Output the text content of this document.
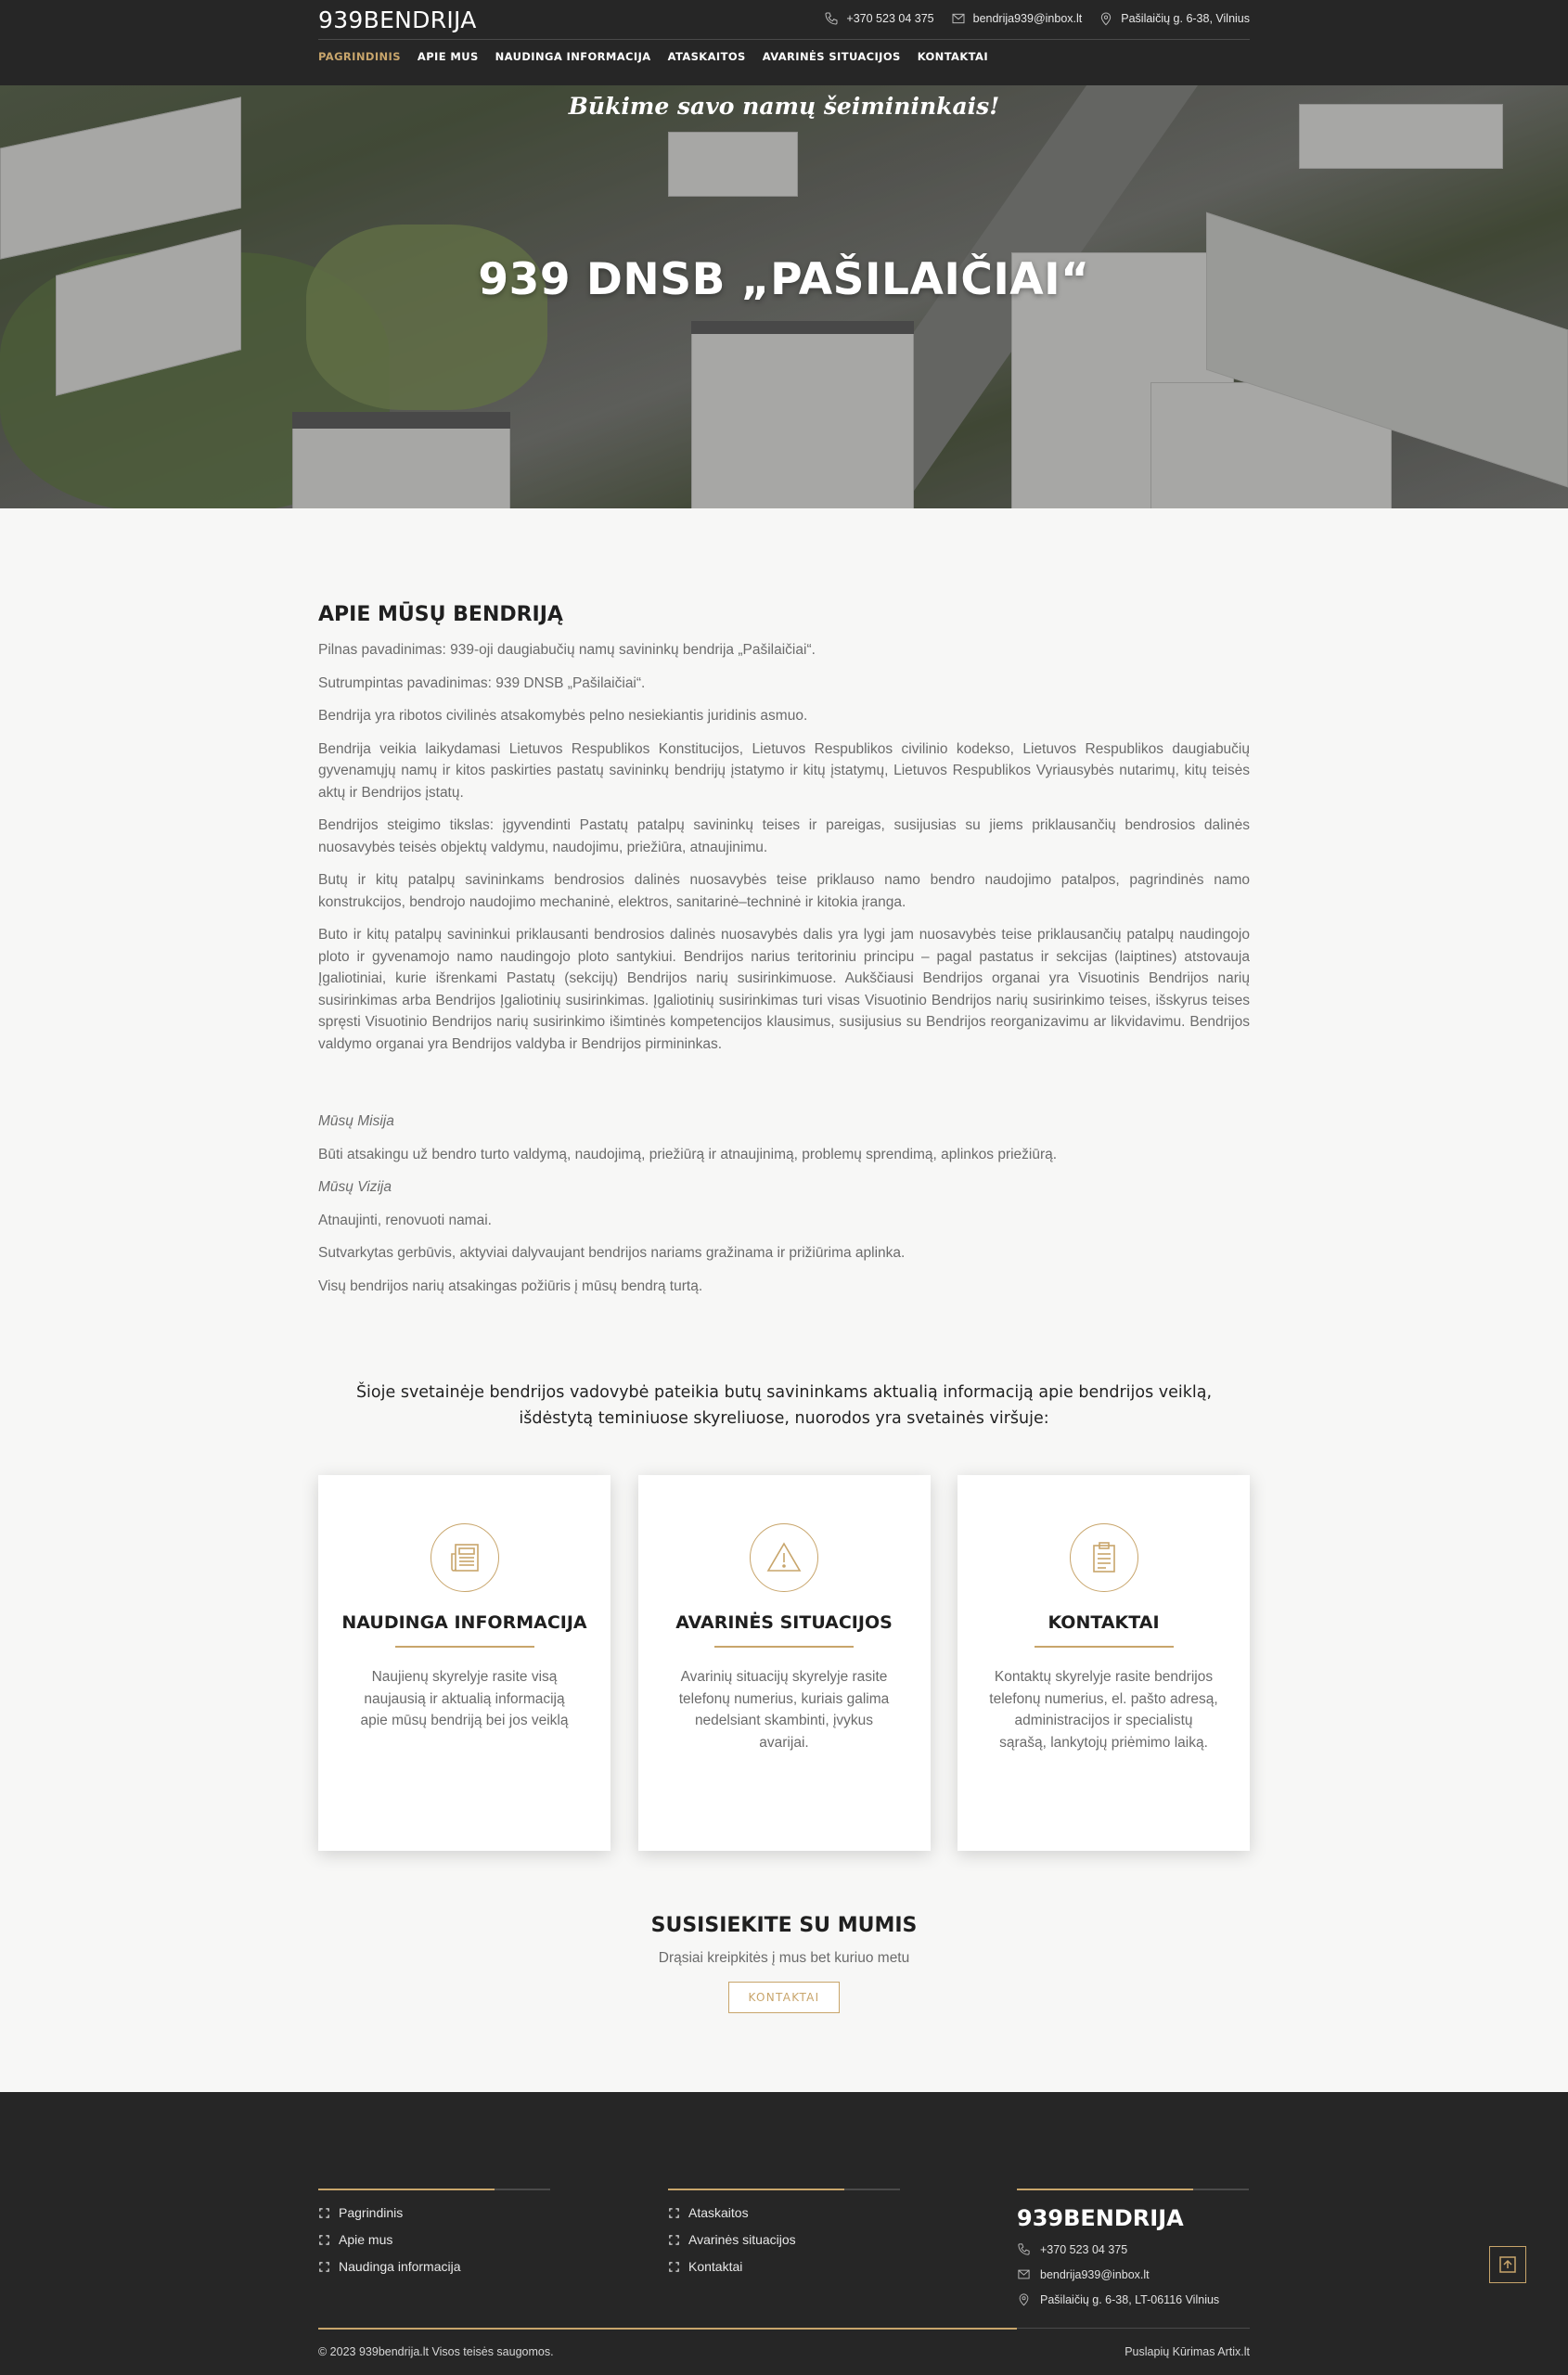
939BENDRIJA	+370 523 04 375	bendrija939@inbox.lt	Pašilaičių g. 6-38, Vilnius
PAGRINDINIS APIE MUS NAUDINGA INFORMACIJA ATASKAITOS AVARINĖS SITUACIJOS KONTAKTAI
Būkime savo namų šeimininkais!
939 DNSB „PAŠILAIČIAI“
APIE MŪSŲ BENDRIJĄ

Pilnas pavadinimas: 939-oji daugiabučių namų savininkų bendrija „Pašilaičiai“.

Sutrumpintas pavadinimas: 939 DNSB „Pašilaičiai“.

Bendrija yra ribotos civilinės atsakomybės pelno nesiekiantis juridinis asmuo.

Bendrija veikia laikydamasi Lietuvos Respublikos Konstitucijos, Lietuvos Respublikos civilinio kodekso, Lietuvos Respublikos daugiabučių gyvenamųjų namų ir kitos paskirties pastatų savininkų bendrijų įstatymo ir kitų įstatymų, Lietuvos Respublikos Vyriausybės nutarimų, kitų teisės aktų ir Bendrijos įstatų.

Bendrijos steigimo tikslas: įgyvendinti Pastatų patalpų savininkų teises ir pareigas, susijusias su jiems priklausančių bendrosios dalinės nuosavybės teisės objektų valdymu, naudojimu, priežiūra, atnaujinimu.

Butų ir kitų patalpų savininkams bendrosios dalinės nuosavybės teise priklauso namo bendro naudojimo patalpos, pagrindinės namo konstrukcijos, bendrojo naudojimo mechaninė, elektros, sanitarinė–techninė ir kitokia įranga.

Buto ir kitų patalpų savininkui priklausanti bendrosios dalinės nuosavybės dalis yra lygi jam nuosavybės teise priklausančių patalpų naudingojo ploto ir gyvenamojo namo naudingojo ploto santykiui. Bendrijos narius teritoriniu principu – pagal pastatus ir sekcijas (laiptines) atstovauja Įgaliotiniai, kurie išrenkami Pastatų (sekcijų) Bendrijos narių susirinkimuose. Aukščiausi Bendrijos organai yra Visuotinis Bendrijos narių susirinkimas arba Bendrijos Įgaliotinių susirinkimas. Įgaliotinių susirinkimas turi visas Visuotinio Bendrijos narių susirinkimo teises, išskyrus teises spręsti Visuotinio Bendrijos narių susirinkimo išimtinės kompetencijos klausimus, susijusius su Bendrijos reorganizavimu ar likvidavimu. Bendrijos valdymo organai yra Bendrijos valdyba ir Bendrijos pirmininkas.

Mūsų Misija

Būti atsakingu už bendro turto valdymą, naudojimą, priežiūrą ir atnaujinimą, problemų sprendimą, aplinkos priežiūrą.

Mūsų Vizija

Atnaujinti, renovuoti namai.

Sutvarkytas gerbūvis, aktyviai dalyvaujant bendrijos nariams gražinama ir prižiūrima aplinka.

Visų bendrijos narių atsakingas požiūris į mūsų bendrą turtą.

Šioje svetainėje bendrijos vadovybė pateikia butų savininkams aktualią informaciją apie bendrijos veiklą, išdėstytą teminiuose skyreliuose, nuorodos yra svetainės viršuje:
NAUDINGA INFORMACIJA

Naujienų skyrelyje rasite visą naujausią ir aktualią informaciją apie mūsų bendriją bei jos veiklą

AVARINĖS SITUACIJOS

Avarinių situacijų skyrelyje rasite telefonų numerius, kuriais galima nedelsiant skambinti, įvykus avarijai.

KONTAKTAI

Kontaktų skyrelyje rasite bendrijos telefonų numerius, el. pašto adresą, administracijos ir specialistų sąrašą, lankytojų priėmimo laiką.

SUSISIEKITE SU MUMIS

Drąsiai kreipkitės į mus bet kuriuo metu

KONTAKTAI
Pagrindinis
Apie mus
Naudinga informacija
Ataskaitos
Avarinės situacijos
Kontaktai
939BENDRIJA
+370 523 04 375
bendrija939@inbox.lt
Pašilaičių g. 6-38, LT-06116 Vilnius
© 2023 939bendrija.lt Visos teisės saugomos.	Puslapių Kūrimas Artix.lt
